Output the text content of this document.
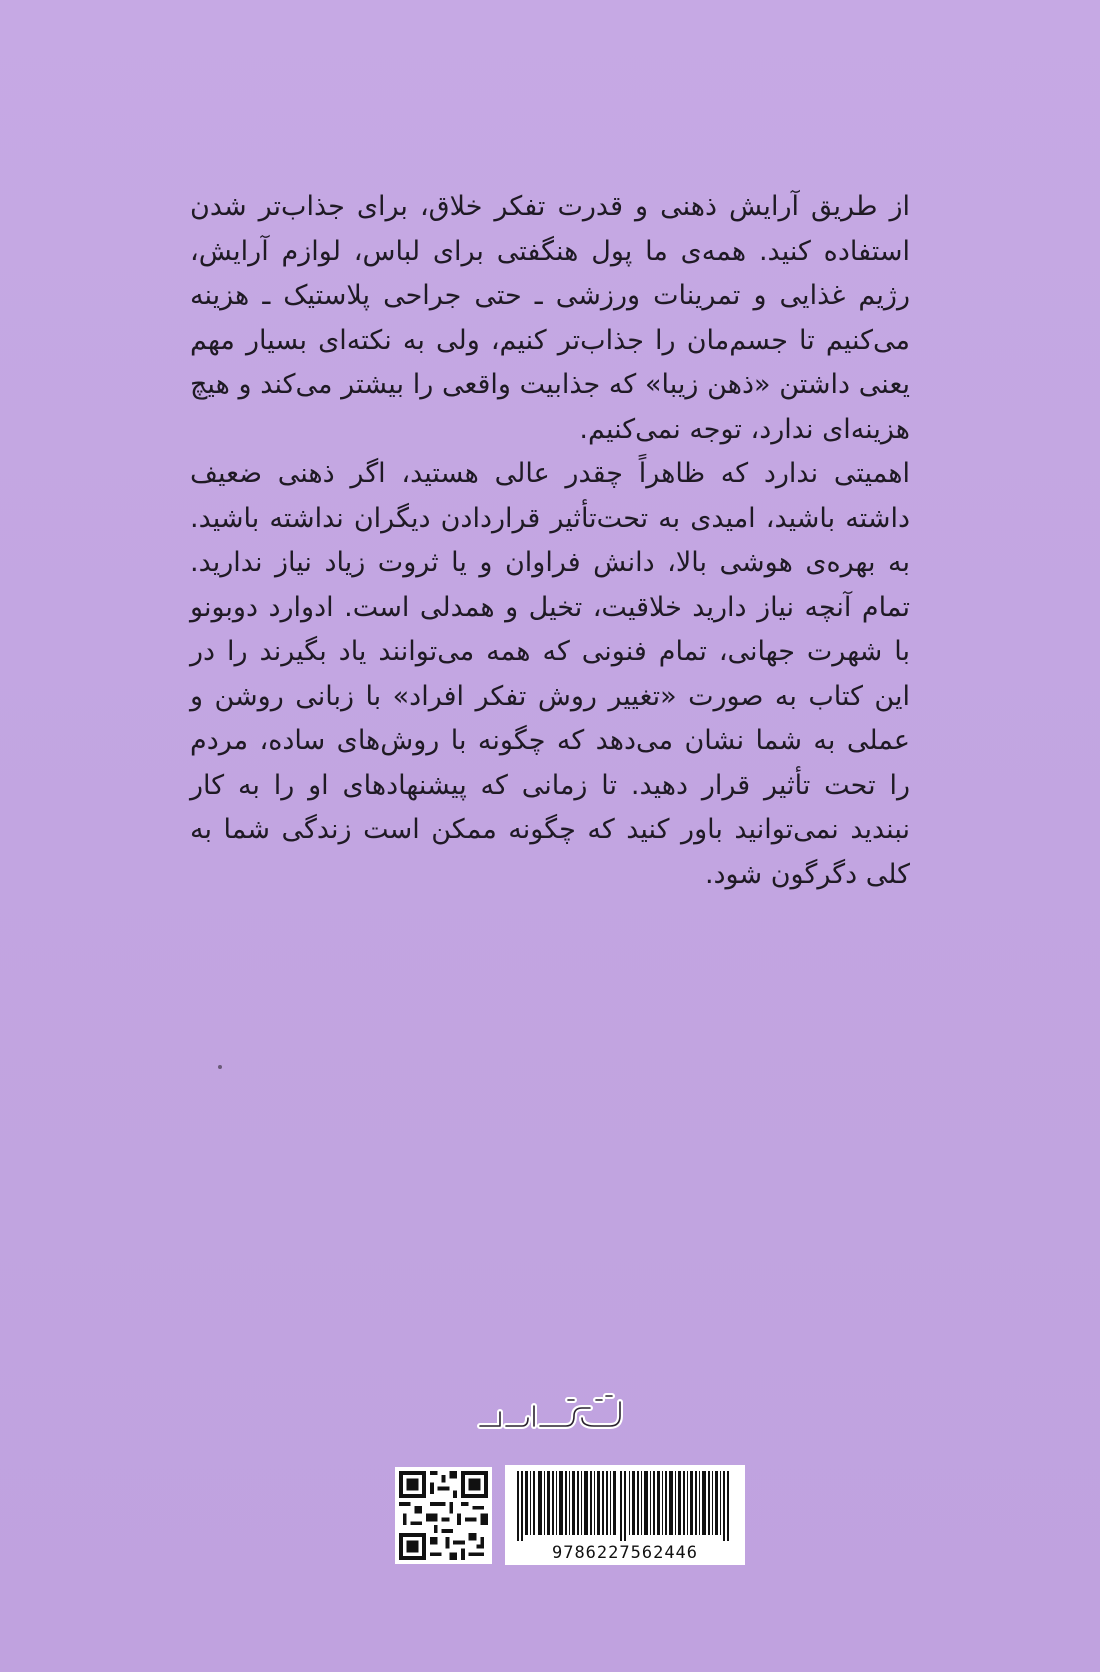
از طریق آرایش ذهنی و قدرت تفکر خلاق، برای جذاب‌تر شدن استفاده کنید. همه‌ی ما پول هنگفتی برای لباس، لوازم آرایش، رژیم غذایی و تمرینات ورزشی ـ حتی جراحی پلاستیک ـ هزینه می‌کنیم تا جسم‌مان را جذاب‌تر کنیم، ولی به نکته‌ای بسیار مهم یعنی داشتن «ذهن زیبا» که جذابیت واقعی را بیشتر می‌کند و هیچ هزینه‌ای ندارد، توجه نمی‌کنیم.

اهمیتی ندارد که ظاهراً چقدر عالی هستید، اگر ذهنی ضعیف داشته باشید، امیدی به تحت‌تأثیر قراردادن دیگران نداشته باشید. به بهره‌ی هوشی بالا، دانش فراوان و یا ثروت زیاد نیاز ندارید. تمام آنچه نیاز دارید خلاقیت، تخیل و همدلی است. ادوارد دوبونو با شهرت جهانی، تمام فنونی که همه می‌توانند یاد بگیرند را در این کتاب به صورت «تغییر روش تفکر افراد» با زبانی روشن و عملی به شما نشان می‌دهد که چگونه با روش‌های ساده، مردم را تحت تأثیر قرار دهید. تا زمانی که پیشنهادهای او را به کار نبندید نمی‌توانید باور کنید که چگونه ممکن است زندگی شما به کلی دگرگون شود.

9786227562446
